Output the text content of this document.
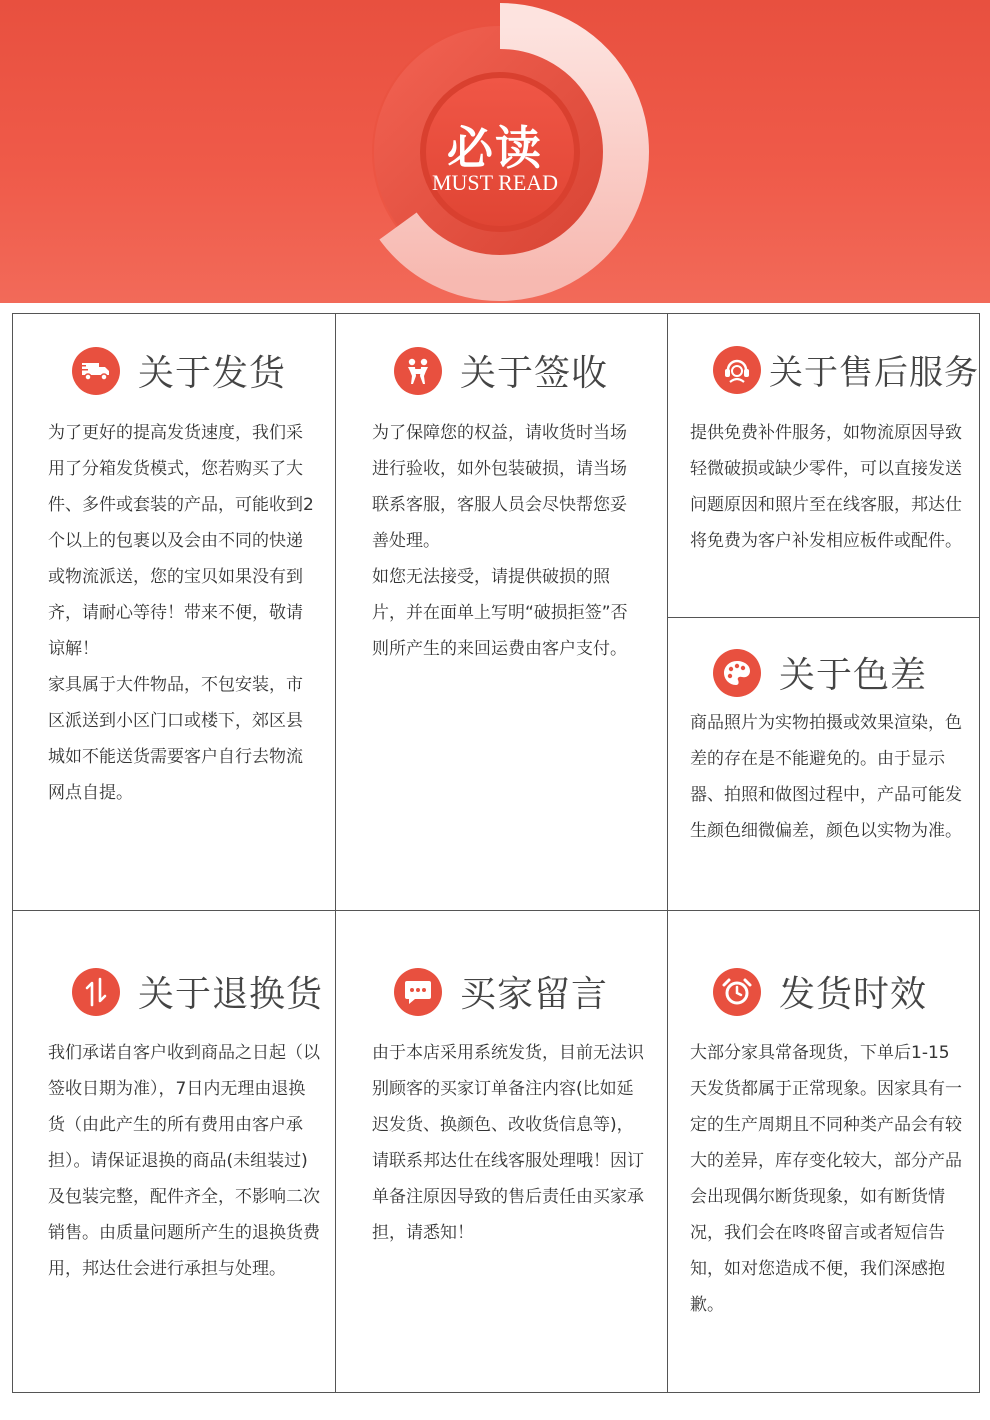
必读
MUST READ
关于发货

为了更好的提高发货速度，我们采用了分箱发货模式，您若购买了大件、多件或套装的产品，可能收到2个以上的包裹以及会由不同的快递或物流派送，您的宝贝如果没有到齐，请耐心等待！带来不便，敬请谅解！

家具属于大件物品，不包安装，市区派送到小区门口或楼下，郊区县城如不能送货需要客户自行去物流网点自提。

关于签收

为了保障您的权益，请收货时当场进行验收，如外包装破损，请当场联系客服，客服人员会尽快帮您妥善处理。

如您无法接受，请提供破损的照片，并在面单上写明“破损拒签”否则所产生的来回运费由客户支付。

关于售后服务

提供免费补件服务，如物流原因导致轻微破损或缺少零件，可以直接发送问题原因和照片至在线客服，邦达仕将免费为客户补发相应板件或配件。

关于色差

商品照片为实物拍摄或效果渲染，色差的存在是不能避免的。由于显示器、拍照和做图过程中，产品可能发生颜色细微偏差，颜色以实物为准。

关于退换货

我们承诺自客户收到商品之日起（以签收日期为准），7日内无理由退换货（由此产生的所有费用由客户承担）。请保证退换的商品(未组装过)及包装完整，配件齐全，不影响二次销售。由质量问题所产生的退换货费用，邦达仕会进行承担与处理。

买家留言

由于本店采用系统发货，目前无法识别顾客的买家订单备注内容(比如延迟发货、换颜色、改收货信息等)，请联系邦达仕在线客服处理哦！因订单备注原因导致的售后责任由买家承担，请悉知！

发货时效

大部分家具常备现货，下单后1-15天发货都属于正常现象。因家具有一定的生产周期且不同种类产品会有较大的差异，库存变化较大，部分产品会出现偶尔断货现象，如有断货情况，我们会在咚咚留言或者短信告知，如对您造成不便，我们深感抱歉。
